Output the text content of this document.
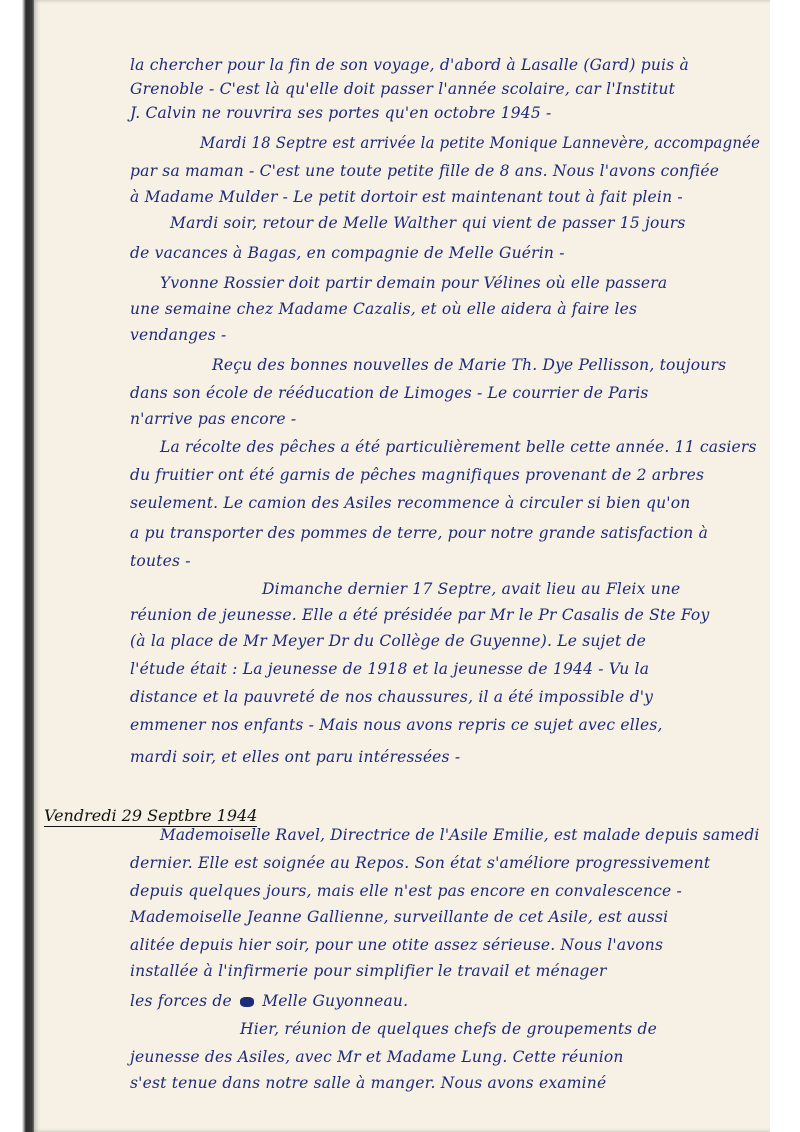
la chercher pour la fin de son voyage, d'abord à Lasalle (Gard) puis à
Grenoble - C'est là qu'elle doit passer l'année scolaire, car l'Institut
J. Calvin ne rouvrira ses portes qu'en octobre 1945 -
Mardi 18 Septre est arrivée la petite Monique Lannevère, accompagnée
par sa maman - C'est une toute petite fille de 8 ans. Nous l'avons confiée
à Madame Mulder - Le petit dortoir est maintenant tout à fait plein -
Mardi soir, retour de Melle Walther qui vient de passer 15 jours
de vacances à Bagas, en compagnie de Melle Guérin -
Yvonne Rossier doit partir demain pour Vélines où elle passera
une semaine chez Madame Cazalis, et où elle aidera à faire les
vendanges -
Reçu des bonnes nouvelles de Marie Th. Dye Pellisson, toujours
dans son école de rééducation de Limoges - Le courrier de Paris
n'arrive pas encore -
La récolte des pêches a été particulièrement belle cette année. 11 casiers
du fruitier ont été garnis de pêches magnifiques provenant de 2 arbres
seulement. Le camion des Asiles recommence à circuler si bien qu'on
a pu transporter des pommes de terre, pour notre grande satisfaction à
toutes -
Dimanche dernier 17 Septre, avait lieu au Fleix une
réunion de jeunesse. Elle a été présidée par Mr le Pr Casalis de Ste Foy
(à la place de Mr Meyer Dr du Collège de Guyenne). Le sujet de
l'étude était : La jeunesse de 1918 et la jeunesse de 1944 - Vu la
distance et la pauvreté de nos chaussures, il a été impossible d'y
emmener nos enfants - Mais nous avons repris ce sujet avec elles,
mardi soir, et elles ont paru intéressées -
Vendredi 29 Septbre 1944
Mademoiselle Ravel, Directrice de l'Asile Emilie, est malade depuis samedi
dernier. Elle est soignée au Repos. Son état s'améliore progressivement
depuis quelques jours, mais elle n'est pas encore en convalescence -
Mademoiselle Jeanne Gallienne, surveillante de cet Asile, est aussi
alitée depuis hier soir, pour une otite assez sérieuse. Nous l'avons
installée à l'infirmerie pour simplifier le travail et ménager
les forces de Melle Guyonneau.
Hier, réunion de quelques chefs de groupements de
jeunesse des Asiles, avec Mr et Madame Lung. Cette réunion
s'est tenue dans notre salle à manger. Nous avons examiné
